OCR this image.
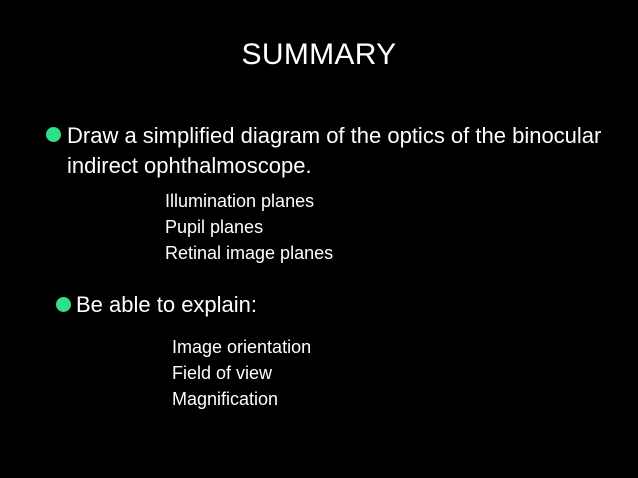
SUMMARY
Draw a simplified diagram of the optics of the binocular indirect ophthalmoscope.
Illumination planes
Pupil planes
Retinal image planes
Be able to explain:
Image orientation
Field of view
Magnification
